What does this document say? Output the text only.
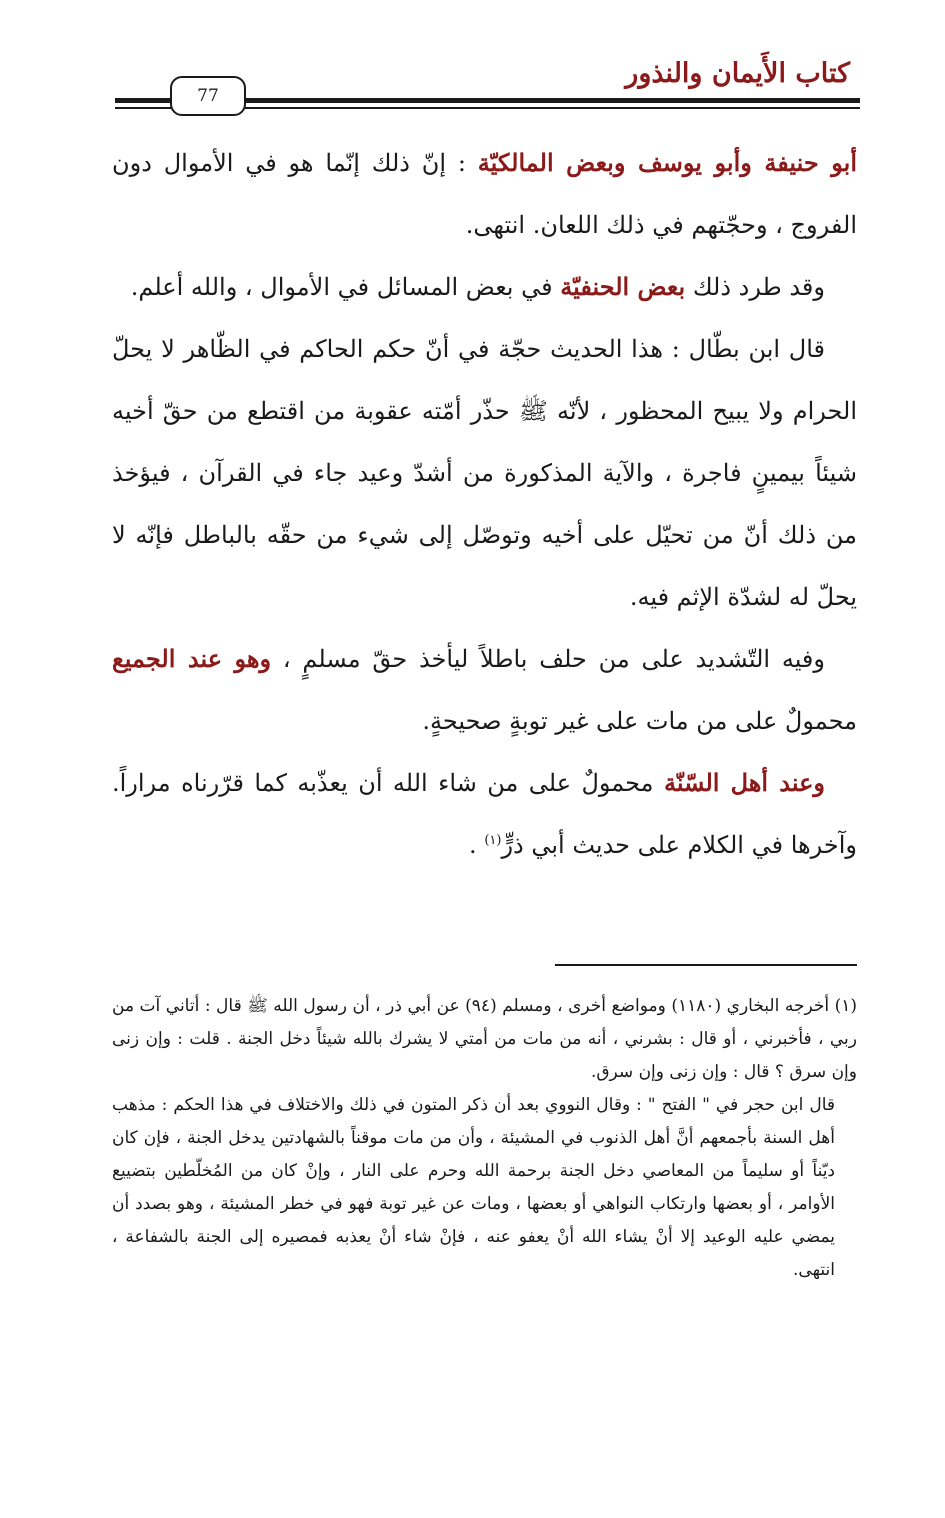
كتاب الأَيمان والنذور
77

أبو حنيفة وأبو يوسف وبعض المالكيّة : إنّ ذلك إنّما هو في الأموال دون الفروج ، وحجّتهم في ذلك اللعان. انتهى.

وقد طرد ذلك بعض الحنفيّة في بعض المسائل في الأموال ، والله أعلم.

قال ابن بطّال : هذا الحديث حجّة في أنّ حكم الحاكم في الظّاهر لا يحلّ الحرام ولا يبيح المحظور ، لأنّه ﷺ حذّر أمّته عقوبة من اقتطع من حقّ أخيه شيئاً بيمينٍ فاجرة ، والآية المذكورة من أشدّ وعيد جاء في القرآن ، فيؤخذ من ذلك أنّ من تحيّل على أخيه وتوصّل إلى شيء من حقّه بالباطل فإنّه لا يحلّ له لشدّة الإثم فيه.

وفيه التّشديد على من حلف باطلاً ليأخذ حقّ مسلمٍ ، وهو عند الجميع محمولٌ على من مات على غير توبةٍ صحيحةٍ.

وعند أهل السّنّة محمولٌ على من شاء الله أن يعذّبه كما قرّرناه مراراً. وآخرها في الكلام على حديث أبي ذرٍّ$^{(١)}$ .

(١) أخرجه البخاري (١١٨٠) ومواضع أخرى ، ومسلم (٩٤) عن أبي ذر ، أن رسول الله ﷺ قال : أتاني آت من ربي ، فأخبرني ، أو قال : بشرني ، أنه من مات من أمتي لا يشرك بالله شيئاً دخل الجنة . قلت : وإن زنى وإن سرق ؟ قال : وإن زنى وإن سرق.

قال ابن حجر في " الفتح " : وقال النووي بعد أن ذكر المتون في ذلك والاختلاف في هذا الحكم : مذهب أهل السنة بأجمعهم أنَّ أهل الذنوب في المشيئة ، وأن من مات موقناً بالشهادتين يدخل الجنة ، فإن كان ديّناً أو سليماً من المعاصي دخل الجنة برحمة الله وحرم على النار ، وإنْ كان من المُخلّطين بتضييع الأوامر ، أو بعضها وارتكاب النواهي أو بعضها ، ومات عن غير توبة فهو في خطر المشيئة ، وهو بصدد أن يمضي عليه الوعيد إلا أنْ يشاء الله أنْ يعفو عنه ، فإنْ شاء أنْ يعذبه فمصيره إلى الجنة بالشفاعة ، انتهى.
